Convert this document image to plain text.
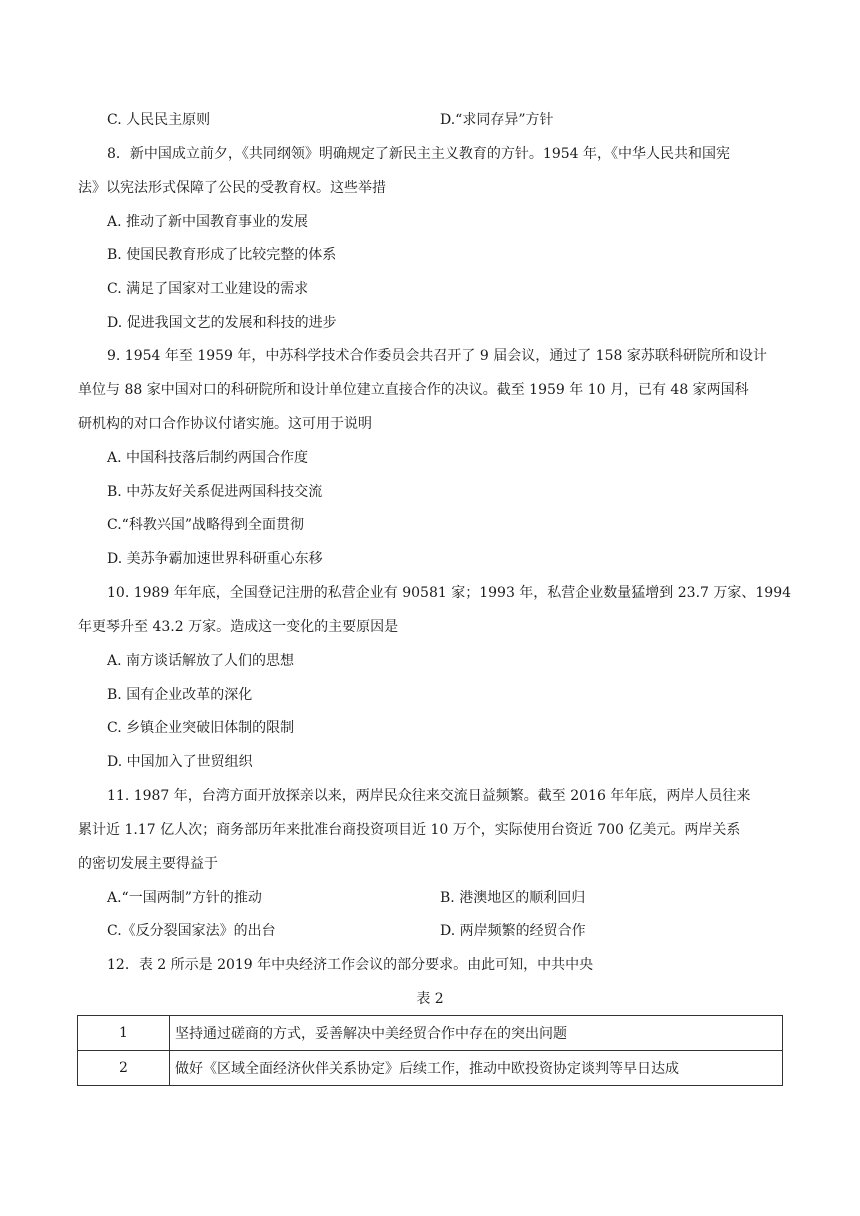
C. 人民民主原则	D.“求同存异”方针
8．新中国成立前夕，《共同纲领》明确规定了新民主主义教育的方针。1954 年，《中华人民共和国宪
法》以宪法形式保障了公民的受教育权。这些举措
A. 推动了新中国教育事业的发展
B. 使国民教育形成了比较完整的体系
C. 满足了国家对工业建设的需求
D. 促进我国文艺的发展和科技的进步
9. 1954 年至 1959 年，中苏科学技术合作委员会共召开了 9 届会议，通过了 158 家苏联科研院所和设计
单位与 88 家中国对口的科研院所和设计单位建立直接合作的决议。截至 1959 年 10 月，已有 48 家两国科
研机构的对口合作协议付诸实施。这可用于说明
A. 中国科技落后制约两国合作度
B. 中苏友好关系促进两国科技交流
C.“科教兴国”战略得到全面贯彻
D. 美苏争霸加速世界科研重心东移
10. 1989 年年底，全国登记注册的私营企业有 90581 家；1993 年，私营企业数量猛增到 23.7 万家、1994
年更琴升至 43.2 万家。造成这一变化的主要原因是
A. 南方谈话解放了人们的思想
B. 国有企业改革的深化
C. 乡镇企业突破旧体制的限制
D. 中国加入了世贸组织
11. 1987 年，台湾方面开放探亲以来，两岸民众往来交流日益频繁。截至 2016 年年底，两岸人员往来
累计近 1.17 亿人次；商务部历年来批准台商投资项目近 10 万个，实际使用台资近 700 亿美元。两岸关系
的密切发展主要得益于
A.“一国两制”方针的推动	B. 港澳地区的顺利回归
C.《反分裂国家法》的出台	D. 两岸频繁的经贸合作
12．表 2 所示是 2019 年中央经济工作会议的部分要求。由此可知，中共中央
表 2
1	坚持通过磋商的方式，妥善解决中美经贸合作中存在的突出问题
2	做好《区域全面经济伙伴关系协定》后续工作，推动中欧投资协定谈判等早日达成
